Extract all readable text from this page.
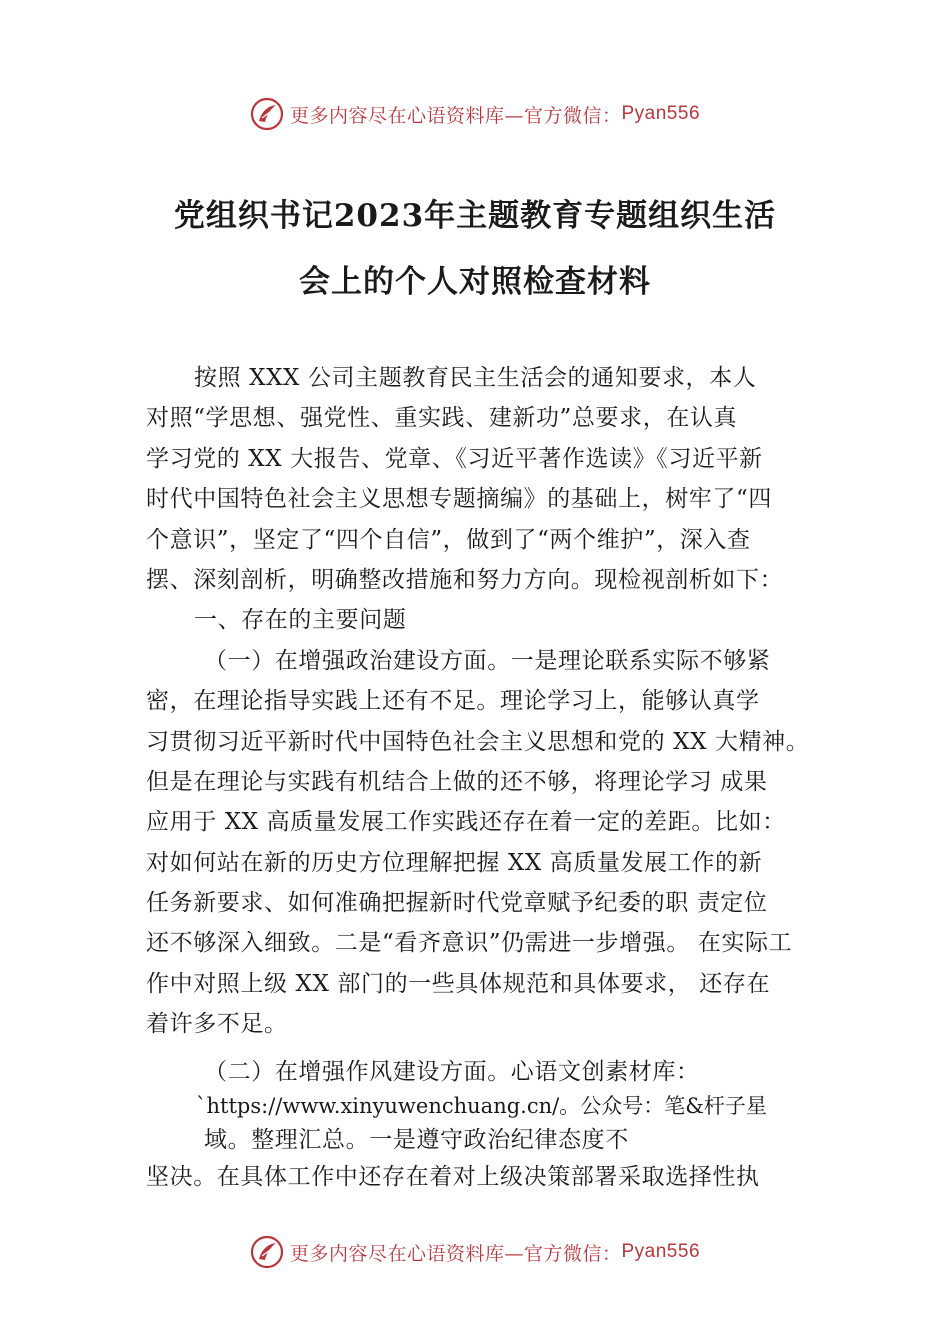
更多内容尽在心语资料库—官方微信： Pyan556
党组织书记2023年主题教育专题组织生活
会上的个人对照检查材料
按照 XXX 公司主题教育民主生活会的通知要求，本人
对照“学思想、强党性、重实践、建新功”总要求，在认真
学习党的 XX 大报告、党章、《习近平著作选读》《习近平新
时代中国特色社会主义思想专题摘编》的基础上，树牢了“四
个意识”，坚定了“四个自信”，做到了“两个维护”，深入查
摆、深刻剖析，明确整改措施和努力方向。现检视剖析如下：
一、存在的主要问题
（一）在增强政治建设方面。一是理论联系实际不够紧
密，在理论指导实践上还有不足。理论学习上，能够认真学
习贯彻习近平新时代中国特色社会主义思想和党的 XX 大精神。
但是在理论与实践有机结合上做的还不够，将理论学习 成果
应用于 XX 高质量发展工作实践还存在着一定的差距。比如：
对如何站在新的历史方位理解把握 XX 高质量发展工作的新
任务新要求、如何准确把握新时代党章赋予纪委的职 责定位
还不够深入细致。二是“看齐意识”仍需进一步增强。 在实际工
作中对照上级 XX 部门的一些具体规范和具体要求， 还存在
着许多不足。
（二）在增强作风建设方面。心语文创素材库：
`https://www.xinyuwenchuang.cn/。公众号：笔&杆子星
域。整理汇总。一是遵守政治纪律态度不
坚决。在具体工作中还存在着对上级决策部署采取选择性执
更多内容尽在心语资料库—官方微信： Pyan556
